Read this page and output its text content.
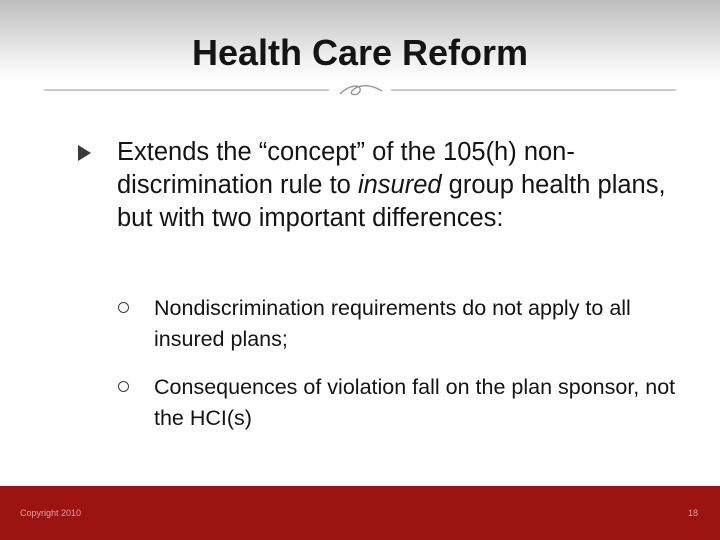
Health Care Reform

Extends the “concept” of the 105(h) non-discrimination rule to insured group health plans, but with two important differences:

Nondiscrimination requirements do not apply to all insured plans;

Consequences of violation fall on the plan sponsor, not the HCI(s)

Copyright 2010	18
